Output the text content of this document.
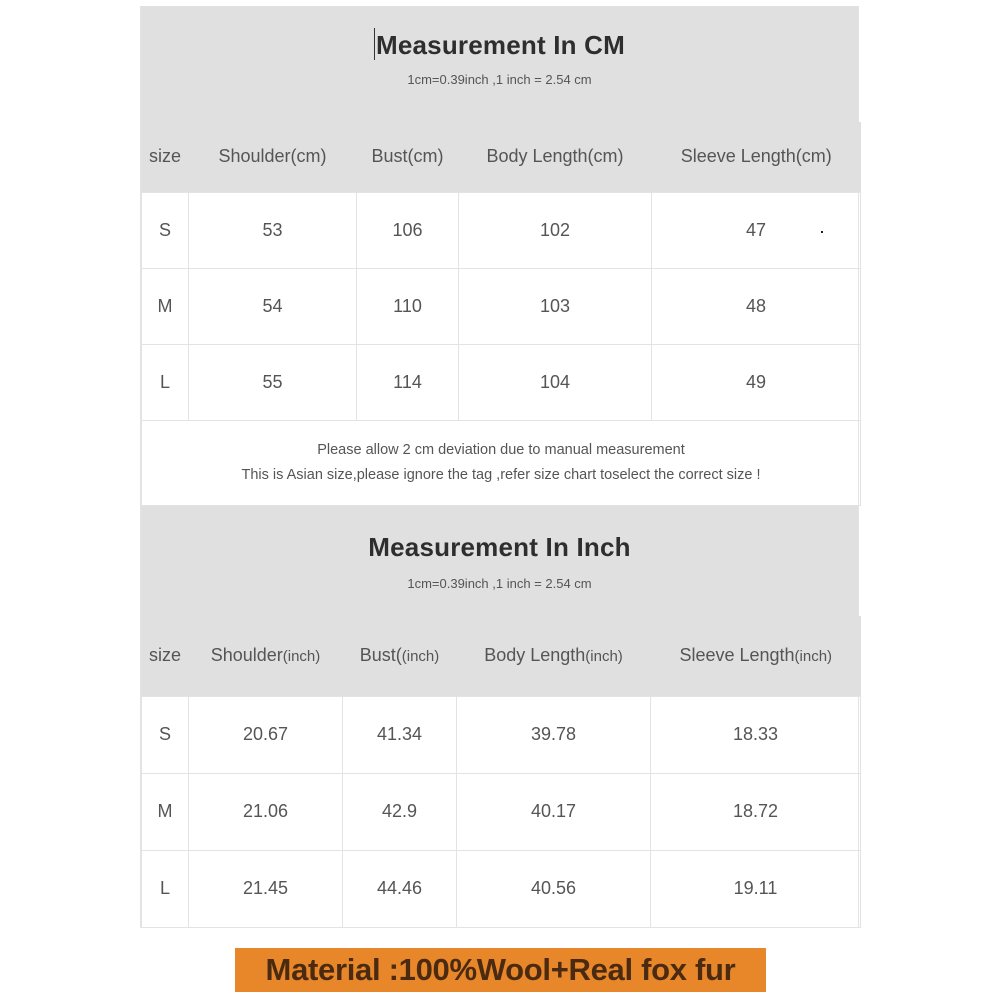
Measurement In CM
1cm=0.39inch ,1 inch = 2.54 cm
size	Shoulder(cm)	Bust(cm)	Body Length(cm)	Sleeve Length(cm)
S	53	106	102	47
M	54	110	103	48
L	55	114	104	49

Please allow 2 cm deviation due to manual measurement
This is Asian size,please ignore the tag ,refer size chart toselect the correct size !				
Measurement In Inch
1cm=0.39inch ,1 inch = 2.54 cm
size	Shoulder(inch)	Bust((inch)	Body Length(inch)	Sleeve Length(inch)
S	20.67	41.34	39.78	18.33
M	21.06	42.9	40.17	18.72
L	21.45	44.46	40.56	19.11
Material :100%Wool+Real fox fur
